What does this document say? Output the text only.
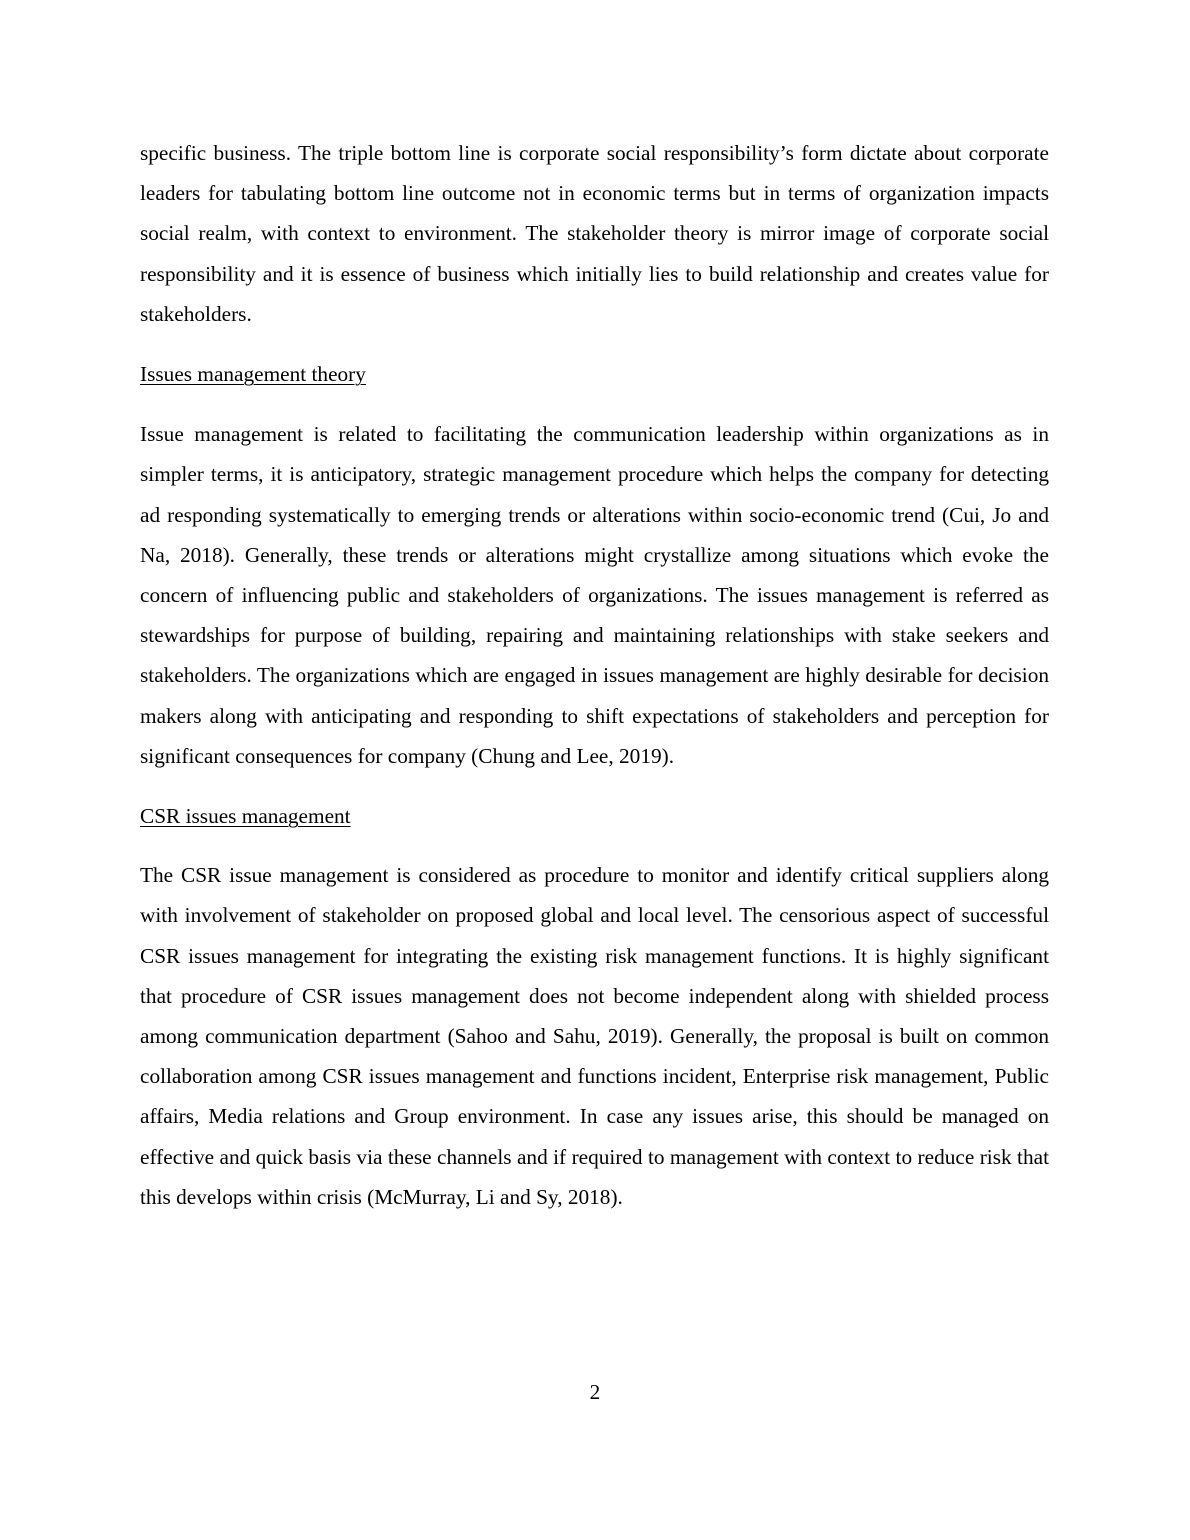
specific business. The triple bottom line is corporate social responsibility’s form dictate about corporate leaders for tabulating bottom line outcome not in economic terms but in terms of organization impacts social realm, with context to environment. The stakeholder theory is mirror image of corporate social responsibility and it is essence of business which initially lies to build relationship and creates value for stakeholders.

Issues management theory

Issue management is related to facilitating the communication leadership within organizations as in simpler terms, it is anticipatory, strategic management procedure which helps the company for detecting ad responding systematically to emerging trends or alterations within socio-economic trend (Cui, Jo and Na, 2018). Generally, these trends or alterations might crystallize among situations which evoke the concern of influencing public and stakeholders of organizations. The issues management is referred as stewardships for purpose of building, repairing and maintaining relationships with stake seekers and stakeholders. The organizations which are engaged in issues management are highly desirable for decision makers along with anticipating and responding to shift expectations of stakeholders and perception for significant consequences for company (Chung and Lee, 2019).

CSR issues management

The CSR issue management is considered as procedure to monitor and identify critical suppliers along with involvement of stakeholder on proposed global and local level. The censorious aspect of successful CSR issues management for integrating the existing risk management functions. It is highly significant that procedure of CSR issues management does not become independent along with shielded process among communication department (Sahoo and Sahu, 2019). Generally, the proposal is built on common collaboration among CSR issues management and functions incident, Enterprise risk management, Public affairs, Media relations and Group environment. In case any issues arise, this should be managed on effective and quick basis via these channels and if required to management with context to reduce risk that this develops within crisis (McMurray, Li and Sy, 2018).

2
